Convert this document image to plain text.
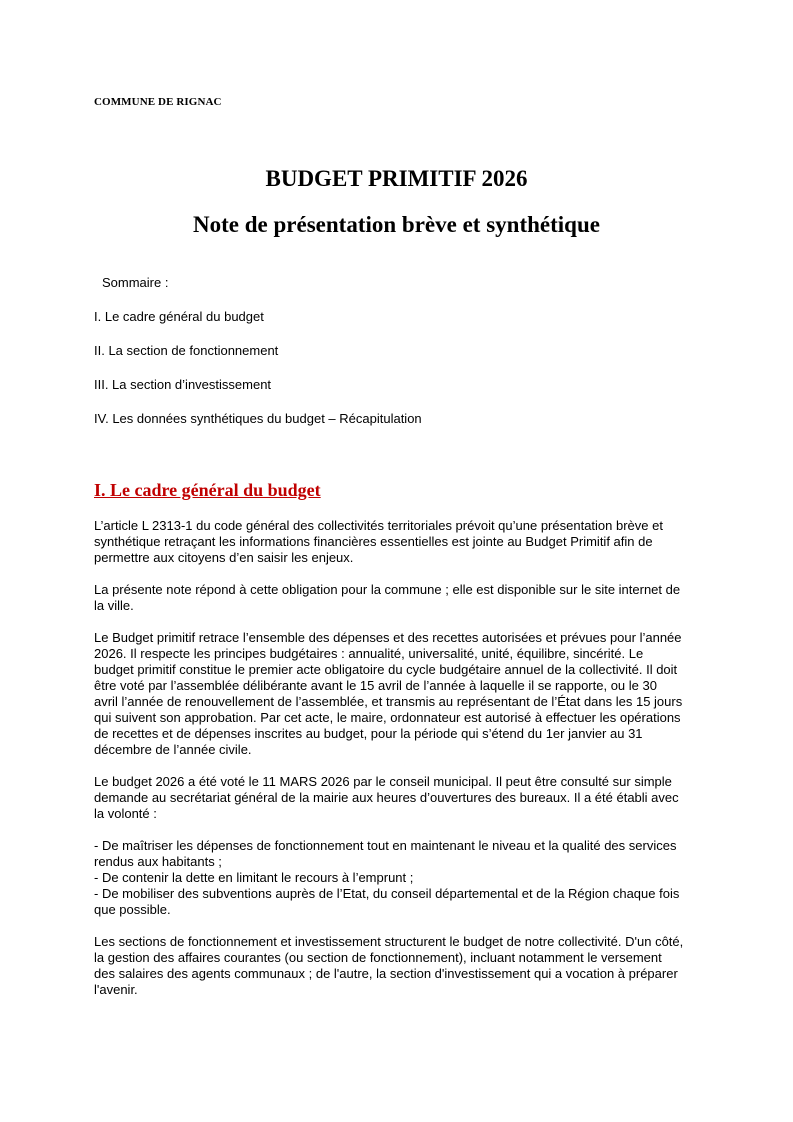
COMMUNE DE RIGNAC
BUDGET PRIMITIF 2026
Note de présentation brève et synthétique
Sommaire :
I. Le cadre général du budget
II. La section de fonctionnement
III. La section d’investissement
IV. Les données synthétiques du budget – Récapitulation
I. Le cadre général du budget

L’article L 2313-1 du code général des collectivités territoriales prévoit qu’une présentation brève et
synthétique retraçant les informations financières essentielles est jointe au Budget Primitif afin de
permettre aux citoyens d’en saisir les enjeux.

La présente note répond à cette obligation pour la commune ; elle est disponible sur le site internet de
la ville.

Le Budget primitif retrace l’ensemble des dépenses et des recettes autorisées et prévues pour l’année
2026. Il respecte les principes budgétaires : annualité, universalité, unité, équilibre, sincérité. Le
budget primitif constitue le premier acte obligatoire du cycle budgétaire annuel de la collectivité. Il doit
être voté par l’assemblée délibérante avant le 15 avril de l’année à laquelle il se rapporte, ou le 30
avril l’année de renouvellement de l’assemblée, et transmis au représentant de l’État dans les 15 jours
qui suivent son approbation. Par cet acte, le maire, ordonnateur est autorisé à effectuer les opérations
de recettes et de dépenses inscrites au budget, pour la période qui s’étend du 1er janvier au 31
décembre de l’année civile.

Le budget 2026 a été voté le 11 MARS 2026 par le conseil municipal. Il peut être consulté sur simple
demande au secrétariat général de la mairie aux heures d’ouvertures des bureaux. Il a été établi avec
la volonté :

- De maîtriser les dépenses de fonctionnement tout en maintenant le niveau et la qualité des services
rendus aux habitants ;
- De contenir la dette en limitant le recours à l’emprunt ;
- De mobiliser des subventions auprès de l’Etat, du conseil départemental et de la Région chaque fois
que possible.

Les sections de fonctionnement et investissement structurent le budget de notre collectivité. D'un côté,
la gestion des affaires courantes (ou section de fonctionnement), incluant notamment le versement
des salaires des agents communaux ; de l'autre, la section d'investissement qui a vocation à préparer
l'avenir.
